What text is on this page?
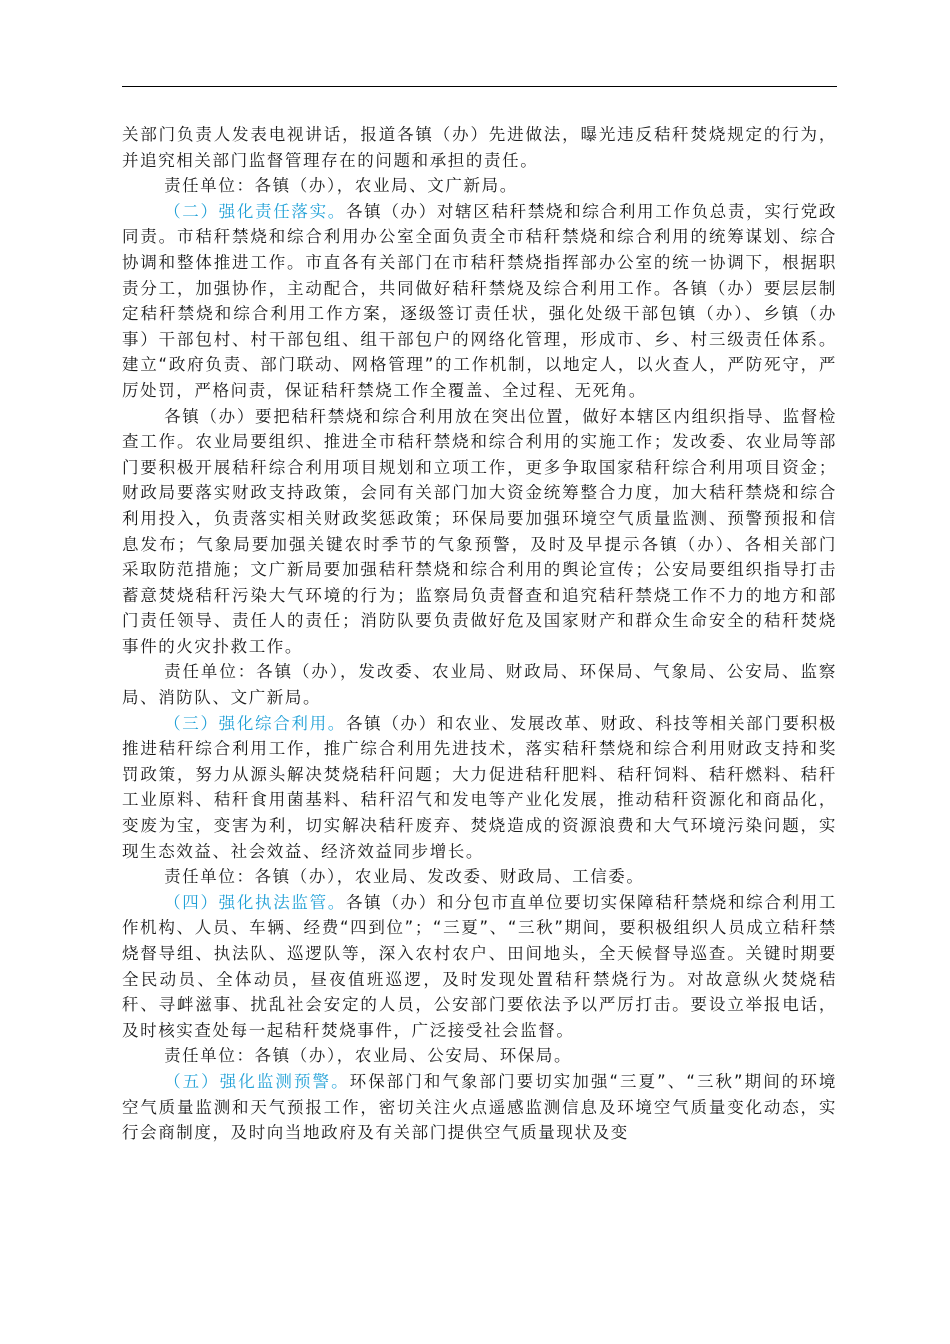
关部门负责人发表电视讲话，报道各镇（办）先进做法，曝光违反秸秆焚烧规定的行为，并追究相关部门监督管理存在的问题和承担的责任。

责任单位：各镇（办），农业局、文广新局。

（二）强化责任落实。各镇（办）对辖区秸秆禁烧和综合利用工作负总责，实行党政同责。市秸秆禁烧和综合利用办公室全面负责全市秸秆禁烧和综合利用的统筹谋划、综合协调和整体推进工作。市直各有关部门在市秸秆禁烧指挥部办公室的统一协调下，根据职责分工，加强协作，主动配合，共同做好秸秆禁烧及综合利用工作。各镇（办）要层层制定秸秆禁烧和综合利用工作方案，逐级签订责任状，强化处级干部包镇（办）、乡镇（办事）干部包村、村干部包组、组干部包户的网络化管理，形成市、乡、村三级责任体系。建立“政府负责、部门联动、网格管理”的工作机制，以地定人，以火查人，严防死守，严厉处罚，严格问责，保证秸秆禁烧工作全覆盖、全过程、无死角。

各镇（办）要把秸秆禁烧和综合利用放在突出位置，做好本辖区内组织指导、监督检查工作。农业局要组织、推进全市秸秆禁烧和综合利用的实施工作；发改委、农业局等部门要积极开展秸秆综合利用项目规划和立项工作，更多争取国家秸秆综合利用项目资金；财政局要落实财政支持政策，会同有关部门加大资金统筹整合力度，加大秸秆禁烧和综合利用投入，负责落实相关财政奖惩政策；环保局要加强环境空气质量监测、预警预报和信息发布；气象局要加强关键农时季节的气象预警，及时及早提示各镇（办）、各相关部门采取防范措施；文广新局要加强秸秆禁烧和综合利用的舆论宣传；公安局要组织指导打击蓄意焚烧秸秆污染大气环境的行为；监察局负责督查和追究秸秆禁烧工作不力的地方和部门责任领导、责任人的责任；消防队要负责做好危及国家财产和群众生命安全的秸秆焚烧事件的火灾扑救工作。

责任单位：各镇（办），发改委、农业局、财政局、环保局、气象局、公安局、监察局、消防队、文广新局。

（三）强化综合利用。各镇（办）和农业、发展改革、财政、科技等相关部门要积极推进秸秆综合利用工作，推广综合利用先进技术，落实秸秆禁烧和综合利用财政支持和奖罚政策，努力从源头解决焚烧秸秆问题；大力促进秸秆肥料、秸秆饲料、秸秆燃料、秸秆工业原料、秸秆食用菌基料、秸秆沼气和发电等产业化发展，推动秸秆资源化和商品化，变废为宝，变害为利，切实解决秸秆废弃、焚烧造成的资源浪费和大气环境污染问题，实现生态效益、社会效益、经济效益同步增长。

责任单位：各镇（办），农业局、发改委、财政局、工信委。

（四）强化执法监管。各镇（办）和分包市直单位要切实保障秸秆禁烧和综合利用工作机构、人员、车辆、经费“四到位”；“三夏”、“三秋”期间，要积极组织人员成立秸秆禁烧督导组、执法队、巡逻队等，深入农村农户、田间地头，全天候督导巡查。关键时期要全民动员、全体动员，昼夜值班巡逻，及时发现处置秸秆禁烧行为。对故意纵火焚烧秸秆、寻衅滋事、扰乱社会安定的人员，公安部门要依法予以严厉打击。要设立举报电话，及时核实查处每一起秸秆焚烧事件，广泛接受社会监督。

责任单位：各镇（办），农业局、公安局、环保局。

（五）强化监测预警。环保部门和气象部门要切实加强“三夏”、“三秋”期间的环境空气质量监测和天气预报工作，密切关注火点遥感监测信息及环境空气质量变化动态，实行会商制度，及时向当地政府及有关部门提供空气质量现状及变
